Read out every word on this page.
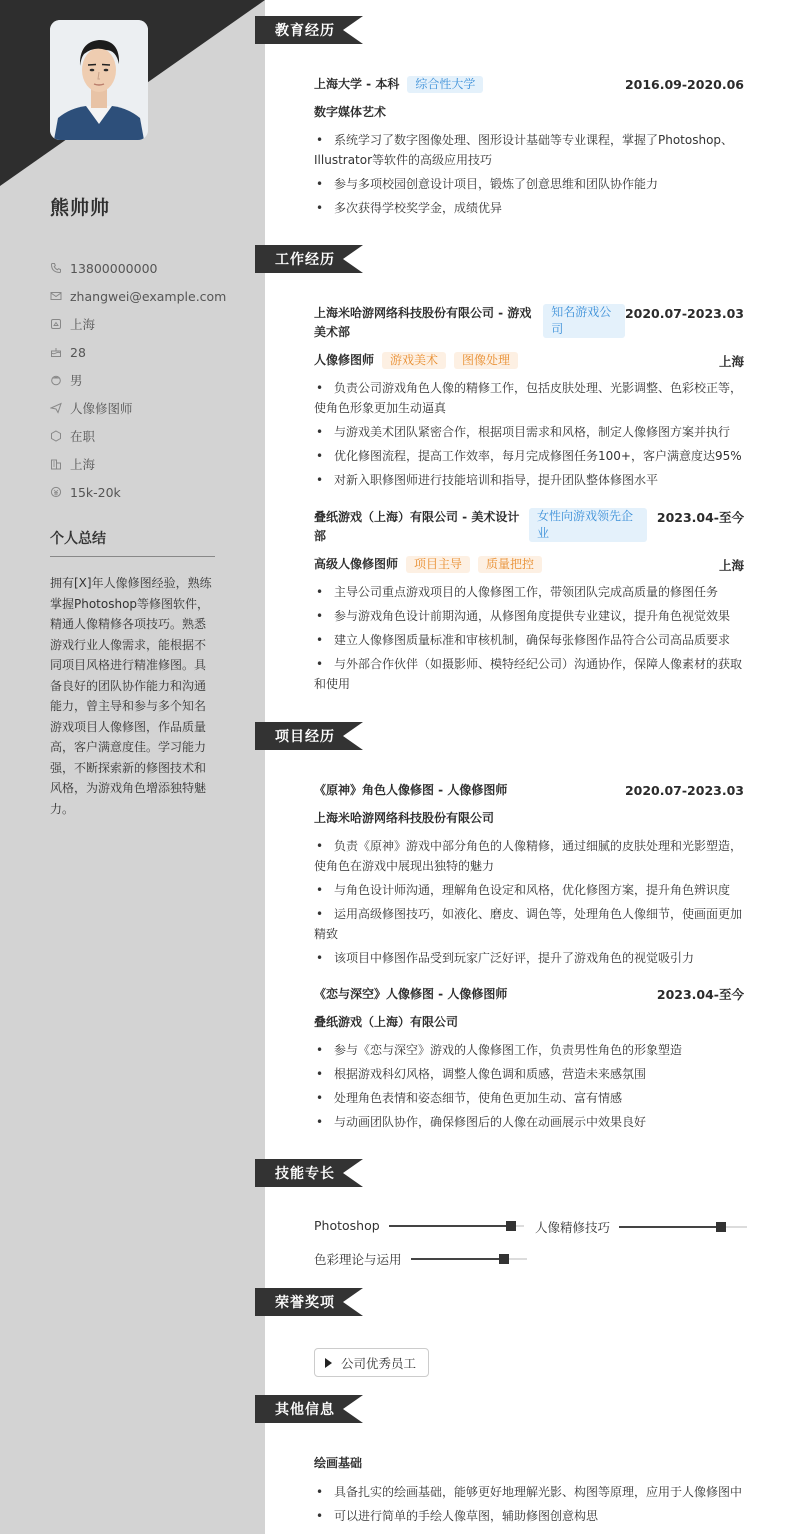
熊帅帅
13800000000
zhangwei@example.com
上海
28
男
人像修图师
在职
上海
15k-20k
个人总结
拥有[X]年人像修图经验，熟练掌握Photoshop等修图软件，精通人像精修各项技巧。熟悉游戏行业人像需求，能根据不同项目风格进行精准修图。具备良好的团队协作能力和沟通能力，曾主导和参与多个知名游戏项目人像修图，作品质量高，客户满意度佳。学习能力强，不断探索新的修图技术和风格，为游戏角色增添独特魅力。
教育经历
工作经历
项目经历
技能专长
荣誉奖项
其他信息
上海大学 - 本科 综合性大学	2016.09-2020.06
数字媒体艺术
• 系统学习了数字图像处理、图形设计基础等专业课程，掌握了Photoshop、Illustrator等软件的高级应用技巧
• 参与多项校园创意设计项目，锻炼了创意思维和团队协作能力
• 多次获得学校奖学金，成绩优异
上海米哈游网络科技股份有限公司 - 游戏美术部
知名游戏公司
2020.07-2023.03
人像修图师 游戏美术 图像处理	上海
• 负责公司游戏角色人像的精修工作，包括皮肤处理、光影调整、色彩校正等，使角色形象更加生动逼真
• 与游戏美术团队紧密合作，根据项目需求和风格，制定人像修图方案并执行
• 优化修图流程，提高工作效率，每月完成修图任务100+，客户满意度达95%
• 对新入职修图师进行技能培训和指导，提升团队整体修图水平
叠纸游戏（上海）有限公司 - 美术设计部
女性向游戏领先企业
2023.04-至今
高级人像修图师 项目主导 质量把控	上海
• 主导公司重点游戏项目的人像修图工作，带领团队完成高质量的修图任务
• 参与游戏角色设计前期沟通，从修图角度提供专业建议，提升角色视觉效果
• 建立人像修图质量标准和审核机制，确保每张修图作品符合公司高品质要求
• 与外部合作伙伴（如摄影师、模特经纪公司）沟通协作，保障人像素材的获取和使用
《原神》角色人像修图 - 人像修图师	2020.07-2023.03
上海米哈游网络科技股份有限公司
• 负责《原神》游戏中部分角色的人像精修，通过细腻的皮肤处理和光影塑造，使角色在游戏中展现出独特的魅力
• 与角色设计师沟通，理解角色设定和风格，优化修图方案，提升角色辨识度
• 运用高级修图技巧，如液化、磨皮、调色等，处理角色人像细节，使画面更加精致
• 该项目中修图作品受到玩家广泛好评，提升了游戏角色的视觉吸引力
《恋与深空》人像修图 - 人像修图师	2023.04-至今
叠纸游戏（上海）有限公司
• 参与《恋与深空》游戏的人像修图工作，负责男性角色的形象塑造
• 根据游戏科幻风格，调整人像色调和质感，营造未来感氛围
• 处理角色表情和姿态细节，使角色更加生动、富有情感
• 与动画团队协作，确保修图后的人像在动画展示中效果良好
Photoshop	人像精修技巧
色彩理论与运用
公司优秀员工
绘画基础
• 具备扎实的绘画基础，能够更好地理解光影、构图等原理，应用于人像修图中
• 可以进行简单的手绘人像草图，辅助修图创意构思
